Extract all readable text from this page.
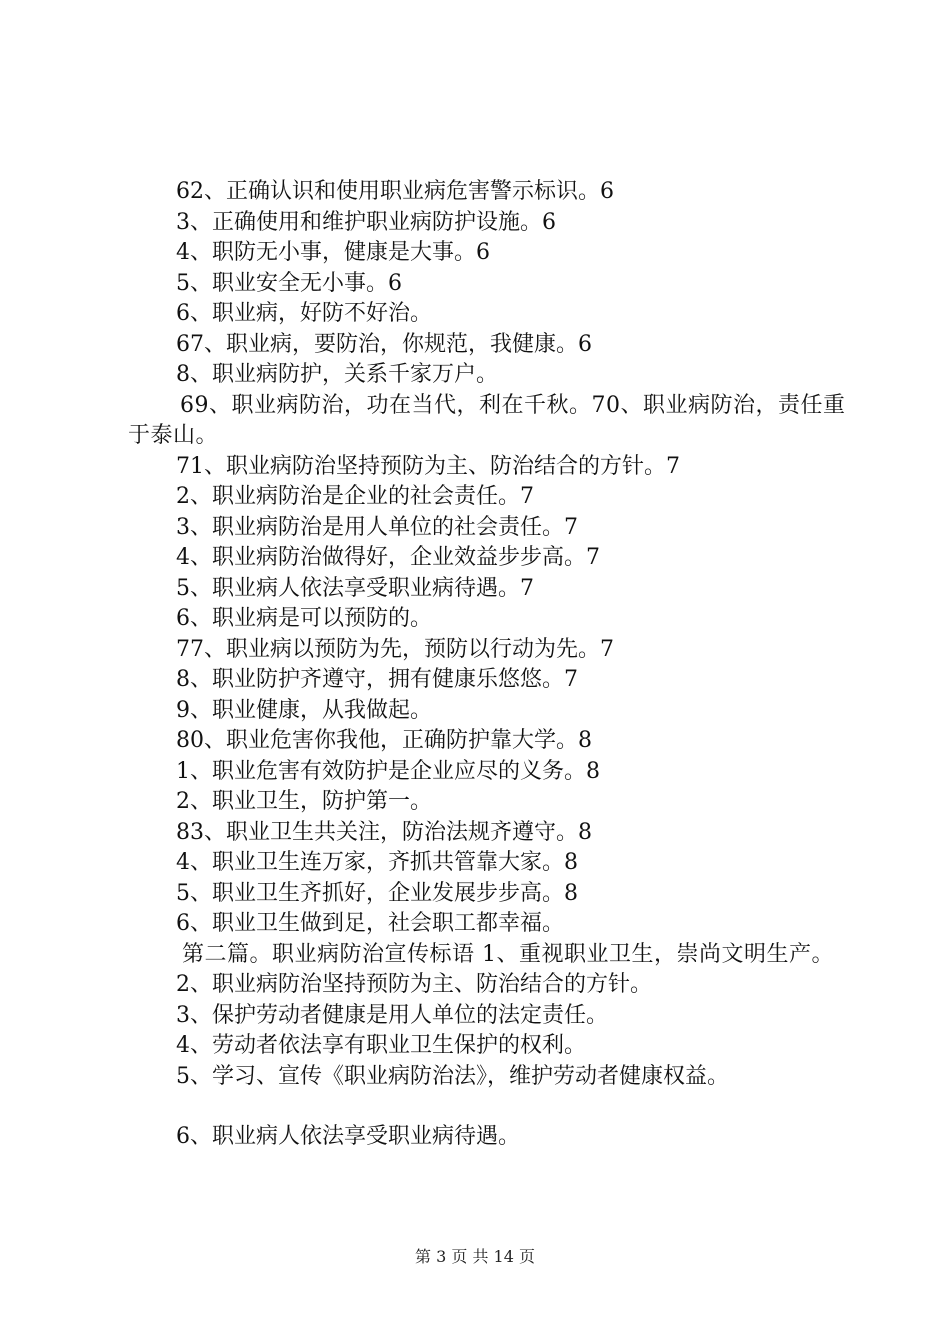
62、正确认识和使用职业病危害警示标识。6
3、正确使用和维护职业病防护设施。6
4、职防无小事，健康是大事。6
5、职业安全无小事。6
6、职业病，好防不好治。
67、职业病，要防治，你规范，我健康。6
8、职业病防护，关系千家万户。
69、职业病防治，功在当代，利在千秋。70、职业病防治，责任重于泰山。
71、职业病防治坚持预防为主、防治结合的方针。7
2、职业病防治是企业的社会责任。7
3、职业病防治是用人单位的社会责任。7
4、职业病防治做得好，企业效益步步高。7
5、职业病人依法享受职业病待遇。7
6、职业病是可以预防的。
77、职业病以预防为先，预防以行动为先。7
8、职业防护齐遵守，拥有健康乐悠悠。7
9、职业健康，从我做起。
80、职业危害你我他，正确防护靠大学。8
1、职业危害有效防护是企业应尽的义务。8
2、职业卫生，防护第一。
83、职业卫生共关注，防治法规齐遵守。8
4、职业卫生连万家，齐抓共管靠大家。8
5、职业卫生齐抓好，企业发展步步高。8
6、职业卫生做到足，社会职工都幸福。
第二篇。职业病防治宣传标语 1、重视职业卫生，崇尚文明生产。
2、职业病防治坚持预防为主、防治结合的方针。
3、保护劳动者健康是用人单位的法定责任。
4、劳动者依法享有职业卫生保护的权利。
5、学习、宣传《职业病防治法》，维护劳动者健康权益。
6、职业病人依法享受职业病待遇。
第 3 页 共 14 页
